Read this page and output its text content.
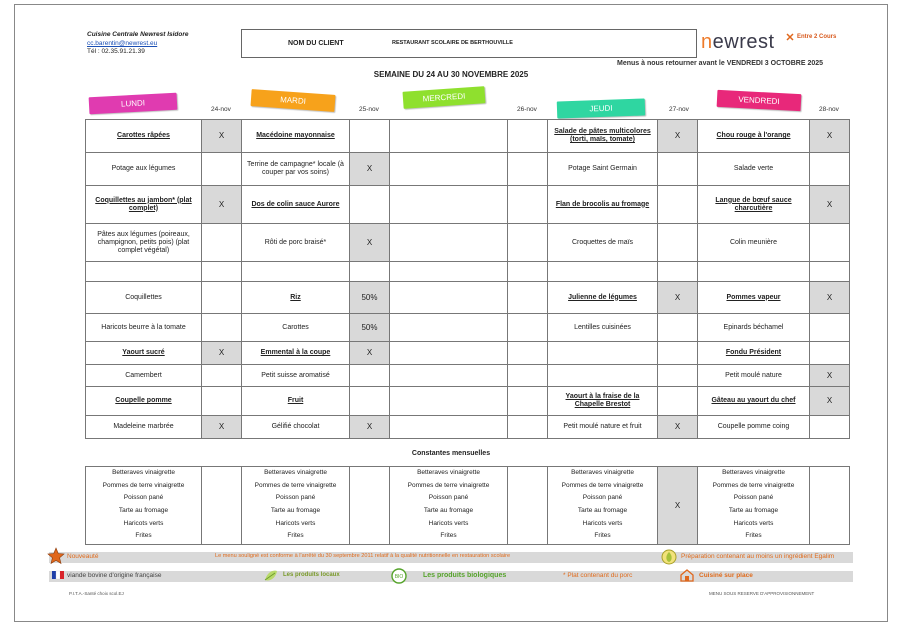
Cuisine Centrale Newrest Isidore
cc.barentin@newrest.eu
Tél : 02.35.91.21.39
NOM DU CLIENT	RESTAURANT SCOLAIRE DE BERTHOUVILLE	newrest	Entre 2 Cours
Menus à nous retourner avant le VENDREDI 3 OCTOBRE 2025
SEMAINE DU 24 AU 30 NOVEMBRE 2025
LUNDI
24-nov
MARDI
25-nov
MERCREDI
26-nov	JEUDI	27-nov
VENDREDI
28-nov
Carottes râpées	X	Macédoine mayonnaise				Salade de pâtes multicolores (torti, maïs, tomate)	X	Chou rouge à l'orange	X
Potage aux légumes		Terrine de campagne* locale (à couper par vos soins)	X			Potage Saint Germain		Salade verte	
Coquillettes au jambon* (plat complet)	X	Dos de colin sauce Aurore				Flan de brocolis au fromage		Langue de bœuf sauce charcutière	X
Pâtes aux légumes (poireaux, champignon, petits pois) (plat complet végétal)		Rôti de porc braisé*	X			Croquettes de maïs		Colin meunière	

Coquillettes		Riz	50%			Julienne de légumes	X	Pommes vapeur	X
Haricots beurre à la tomate		Carottes	50%			Lentilles cuisinées		Epinards béchamel	
Yaourt sucré	X	Emmental à la coupe	X					Fondu Président	
Camembert		Petit suisse aromatisé						Petit moulé nature	X
Coupelle pomme		Fruit				Yaourt à la fraise de la Chapelle Brestot		Gâteau au yaourt du chef	X
Madeleine marbrée	X	Gélifié chocolat	X			Petit moulé nature et fruit	X	Coupelle pomme coing	
Constantes mensuelles
Betteraves vinaigrette
Pommes de terre vinaigrette
Poisson pané
Tarte au fromage
Haricots verts
Frites

Betteraves vinaigrette
Pommes de terre vinaigrette
Poisson pané
Tarte au fromage
Haricots verts
Frites

Betteraves vinaigrette
Pommes de terre vinaigrette
Poisson pané
Tarte au fromage
Haricots verts
Frites

Betteraves vinaigrette
Pommes de terre vinaigrette
Poisson pané
Tarte au fromage
Haricots verts
Frites
	X	
Betteraves vinaigrette
Pommes de terre vinaigrette
Poisson pané
Tarte au fromage
Haricots verts
Frites

Nouveauté	Le menu souligné est conforme à l'arrêté du 30 septembre 2011 relatif à la qualité nutritionnelle en restauration scolaire	Préparation contenant au moins un ingrédient Egalim
viande bovine d'origine française	Les produits locaux	BIO	Les produits biologiques	* Plat contenant du porc	Cuisiné sur place
P.I.T.A.-Santé choix scol.EJ	MENU SOUS RESERVE D'APPROVISIONNEMENT
